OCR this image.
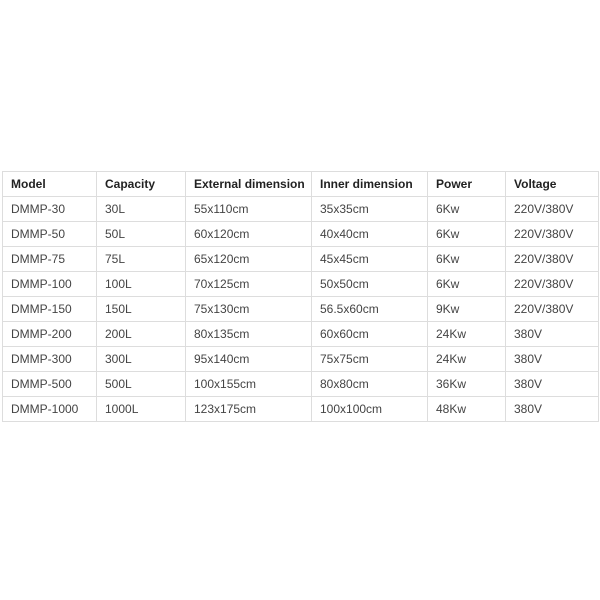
Model	Capacity	External dimension	Inner dimension	Power	Voltage
DMMP-30	30L	55x110cm	35x35cm	6Kw	220V/380V
DMMP-50	50L	60x120cm	40x40cm	6Kw	220V/380V
DMMP-75	75L	65x120cm	45x45cm	6Kw	220V/380V
DMMP-100	100L	70x125cm	50x50cm	6Kw	220V/380V
DMMP-150	150L	75x130cm	56.5x60cm	9Kw	220V/380V
DMMP-200	200L	80x135cm	60x60cm	24Kw	380V
DMMP-300	300L	95x140cm	75x75cm	24Kw	380V
DMMP-500	500L	100x155cm	80x80cm	36Kw	380V
DMMP-1000	1000L	123x175cm	100x100cm	48Kw	380V
